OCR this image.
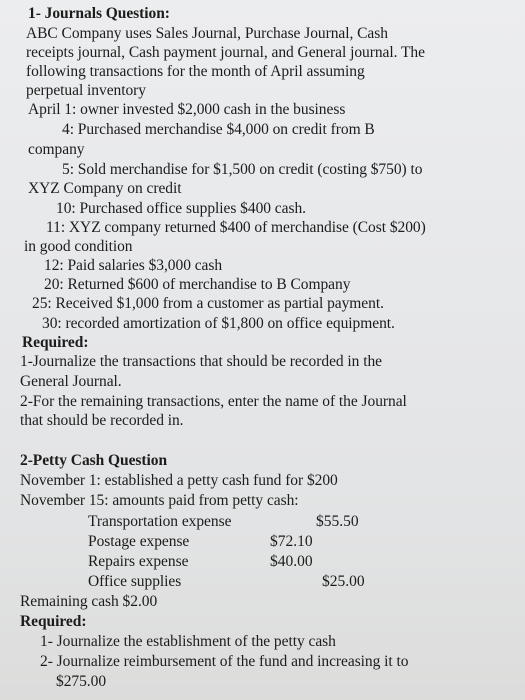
1- Journals Question:
ABC Company uses Sales Journal, Purchase Journal, Cash
receipts journal, Cash payment journal, and General journal. The
following transactions for the month of April assuming
perpetual inventory
April 1: owner invested $2,000 cash in the business
4: Purchased merchandise $4,000 on credit from B
company
5: Sold merchandise for $1,500 on credit (costing $750) to
XYZ Company on credit
10: Purchased office supplies $400 cash.
11: XYZ company returned $400 of merchandise (Cost $200)
in good condition
12: Paid salaries $3,000 cash
20: Returned $600 of merchandise to B Company
25: Received $1,000 from a customer as partial payment.
30: recorded amortization of $1,800 on office equipment.
Required:
1-Journalize the transactions that should be recorded in the
General Journal.
2-For the remaining transactions, enter the name of the Journal
that should be recorded in.
2-Petty Cash Question
November 1: established a petty cash fund for $200
November 15: amounts paid from petty cash:
Transportation expense	$55.50
Postage expense	$72.10
Repairs expense	$40.00
Office supplies	$25.00
Remaining cash $2.00
Required:
1- Journalize the establishment of the petty cash
2- Journalize reimbursement of the fund and increasing it to
$275.00
